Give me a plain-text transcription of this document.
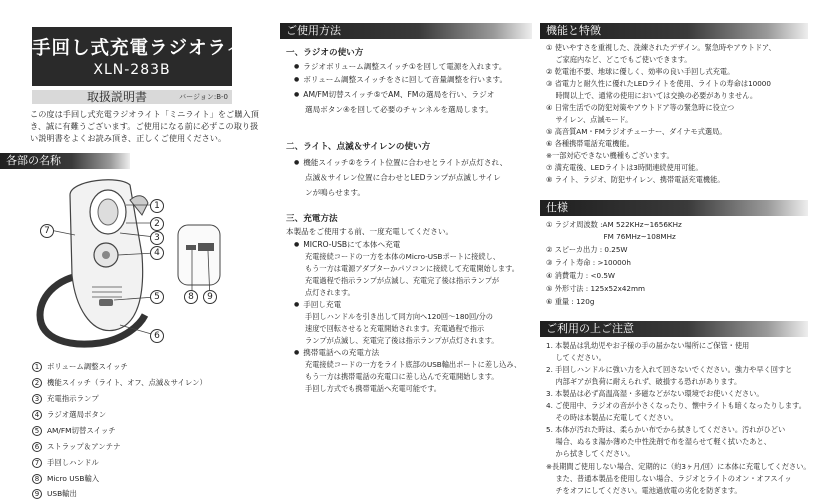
手回し式充電ラジオライト
XLN-283B
取扱説明書	バージョン:B-0

この度は手回し式充電ラジオライト「ミニライト」をご購入頂き、誠に有難うございます。ご使用になる前に必ずこの取り扱い説明書をよくお読み頂き、正しくご使用ください。

各部の名称
1
2
3
4
5
6
7
8	9
1 ボリューム調整スイッチ
2 機能スイッチ（ライト、オフ、点滅＆サイレン）
3 充電指示ランプ
4 ラジオ選局ボタン
5 AM/FM切替スイッチ
6 ストラップ＆アンテナ
7 手回しハンドル
8 Micro USB輸入
9 USB輸出
ご使用方法

一、ラジオの使い方

● ラジオボリューム調整スイッチ①を回して電源を入れます。

● ボリューム調整スイッチをさに回して音量調整を行います。

● AM/FM切替スイッチ⑤でAM、FMの選局を行い、ラジオ

選局ボタン④を回して必要のチャンネルを選局します。

二、ライト、点滅＆サイレンの使い方

● 機能スイッチ②をライト位置に合わせとライトが点灯され、

点滅＆サイレン位置に合わせとLEDランプが点滅しサイレ

ンが鳴らせます。

三、充電方法

本製品をご使用する前、一度充電してください。

● MICRO-USBにて本体へ充電

充電接続コードの一方を本体のMicro-USBポートに接続し、

もう一方は電源アダプターかパソコンに接続して充電開始します。

充電過程で指示ランプが点滅し、充電完了後は指示ランプが

点灯されます。

● 手回し充電

手回しハンドルを引き出して同方向へ120回〜180回/分の

速度で回転させると充電開始されます。充電過程で指示

ランプが点滅し、充電完了後は指示ランプが点灯されます。

● 携帯電話への充電方法

充電接続コードの一方をライト底部のUSB輸出ポートに差し込み、

もう一方は携帯電話の充電口に差し込んで充電開始します。

手回し方式でも携帯電話へ充電可能です。

機能と特徴

① 使いやすさを重視した、洗練されたデザイン。緊急時やアウトドア、

　 ご家庭内など、どこでもご使いできます。

② 乾電池不要、地球に優しく、効率の良い手回し式充電。

③ 省電力と耐久性に優れたLEDライトを使用、ライトの寿命は10000

　 時間以上で、通常の使用においては交換の必要がありません。

④ 日常生活での防犯対策やアウトドア等の緊急時に役立つ

　 サイレン、点滅モード。

⑤ 高音質AM・FMラジオチューナー、ダイナモ式選局。

⑥ 各種携帯電話充電機能。

※一部対応できない機種もございます。

⑦ 満充電後、LEDライトは3時間連続使用可能。

⑧ ライト、ラジオ、防犯サイレン、携帯電話充電機能。

仕様

① ラジオ周波数 :AM 522KHz~1656KHz

　　　　　　　　FM 76MHz~108MHz

② スピーカ出力 : 0.25W

③ ライト寿命 : >10000h

④ 消費電力 : <0.5W

⑤ 外形寸法 : 125x52x42mm

⑥ 重量 : 120g

ご利用の上ご注意

1. 本製品は乳幼児やお子様の手の届かない場所にご保管・使用

　 してください。

2. 手回しハンドルに強い力を入れて回さないでください。強力や早く回すと

　 内部ギアが負荷に耐えられず、破損する恐れがあります。

3. 本製品は必ず高温高湿・多磁などがない環境でお使いください。

4. ご使用中、ラジオの音が小さくなったり、懐中ライトも暗くなったりします。

　 その時は本製品に充電してください。

5. 本体が汚れた時は、柔らかい布でから拭きしてください。汚れがひどい

　 場合、ぬるま湯か薄めた中性洗剤で布を湿らせて軽く拭いたあと、

　 から拭きしてください。

※長期間ご使用しない場合、定期的に（約3ヶ月/回）に本体に充電してください。

　 また、普通本製品を使用しない場合、ラジオとライトのオン・オフスイッ

　 チをオフにしてください。電池過放電の劣化を防ぎます。
